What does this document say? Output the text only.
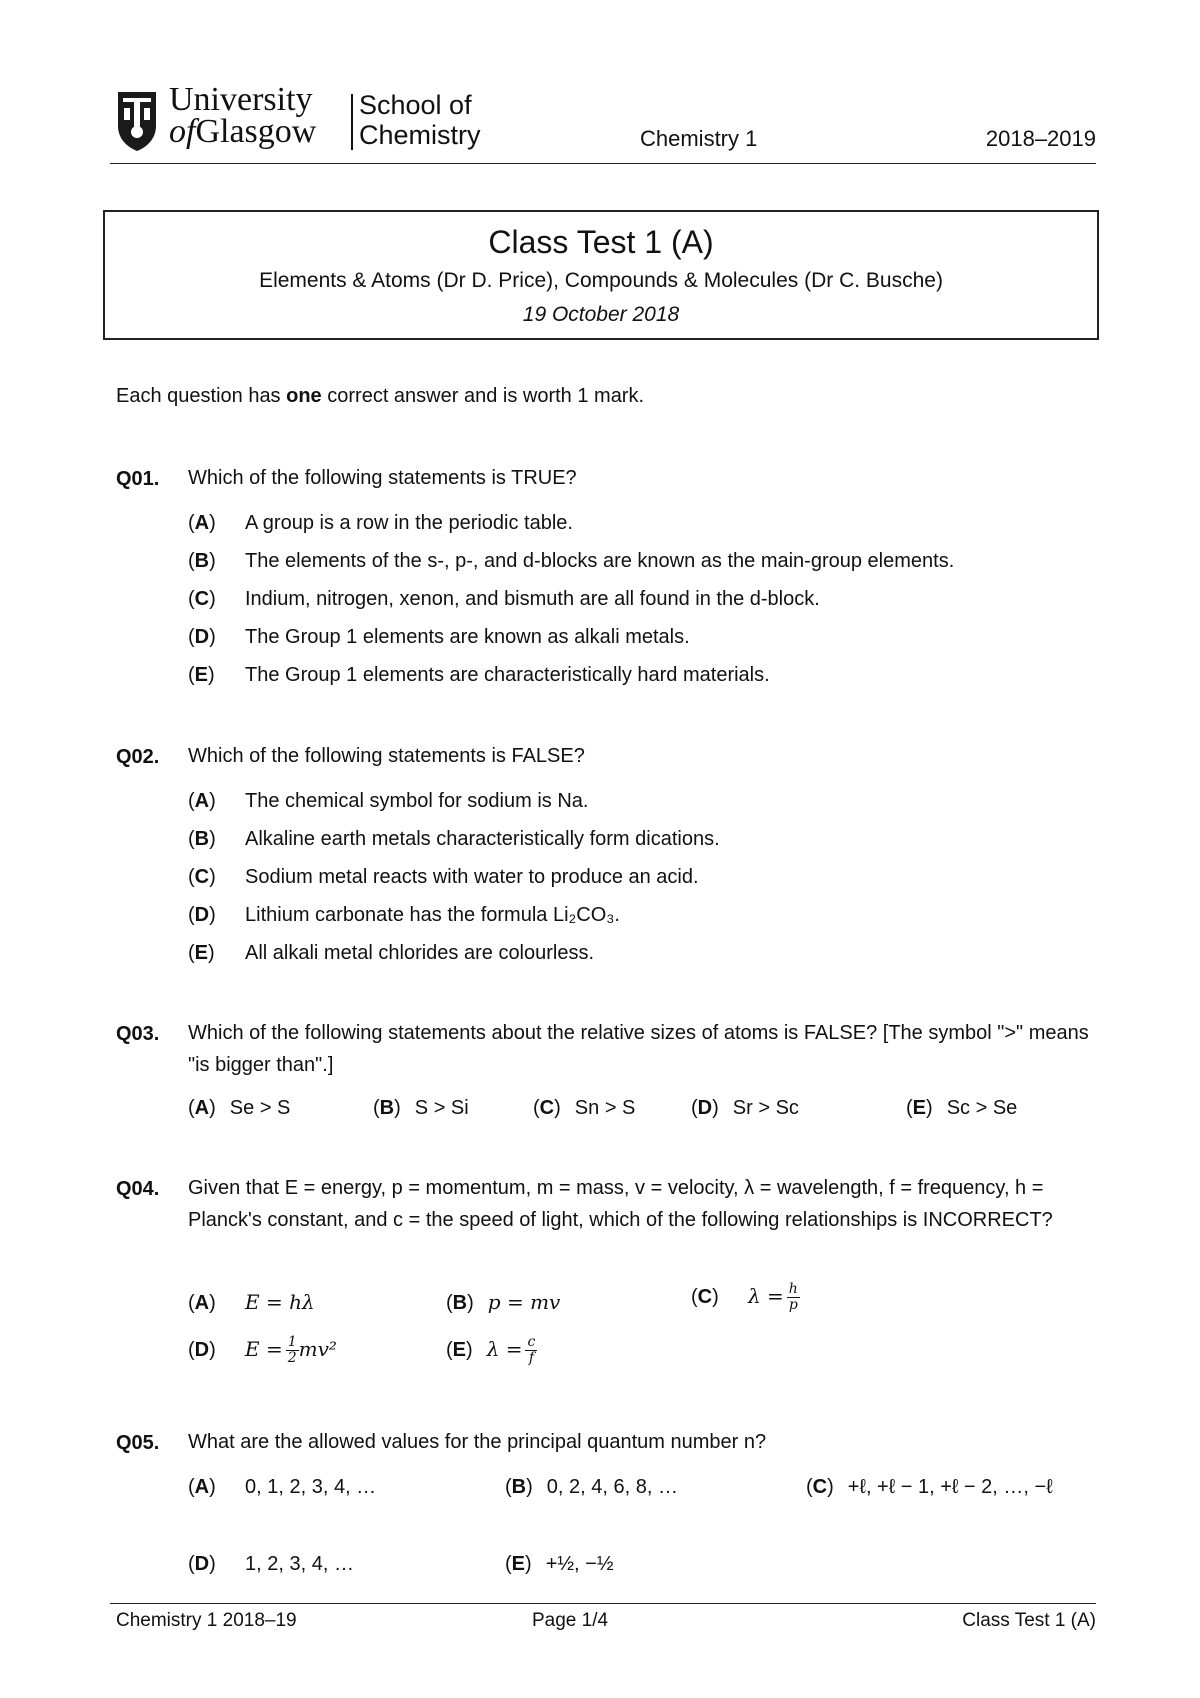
University
ofGlasgow
School of
Chemistry	Chemistry 1	2018–2019
Class Test 1 (A)
Elements & Atoms (Dr D. Price), Compounds & Molecules (Dr C. Busche)
19 October 2018
Each question has one correct answer and is worth 1 mark.
Q01. Which of the following statements is TRUE?
(A) A group is a row in the periodic table.
(B) The elements of the s-, p-, and d-blocks are known as the main-group elements.
(C) Indium, nitrogen, xenon, and bismuth are all found in the d-block.
(D) The Group 1 elements are known as alkali metals.
(E) The Group 1 elements are characteristically hard materials.
Q02. Which of the following statements is FALSE?
(A) The chemical symbol for sodium is Na.
(B) Alkaline earth metals characteristically form dications.
(C) Sodium metal reacts with water to produce an acid.
(D) Lithium carbonate has the formula Li₂CO₃.
(E) All alkali metal chlorides are colourless.
Q03. Which of the following statements about the relative sizes of atoms is FALSE? [The symbol ">" means "is bigger than".]
(A) Se > S	(B) S > Si	(C) Sn > S	(D) Sr > Sc	(E) Sc > Se
Q04. Given that E = energy, p = momentum, m = mass, v = velocity, λ = wavelength, f = frequency, h = Planck's constant, and c = the speed of light, which of the following relationships is INCORRECT?
(A) E = hλ	(B) p = mv	(C) $\lambda = \frac{h}{p}$
(D) $E = \frac{1}{2} mv^2$	(E) $\lambda = \frac{c}{f}$
Q05. What are the allowed values for the principal quantum number n?
(A) 0, 1, 2, 3, 4, …	(B) 0, 2, 4, 6, 8, …	(C) +ℓ, +ℓ − 1, +ℓ − 2, …, −ℓ
(D) 1, 2, 3, 4, …	(E) +½, −½
Chemistry 1 2018–19	Page 1/4	Class Test 1 (A)
